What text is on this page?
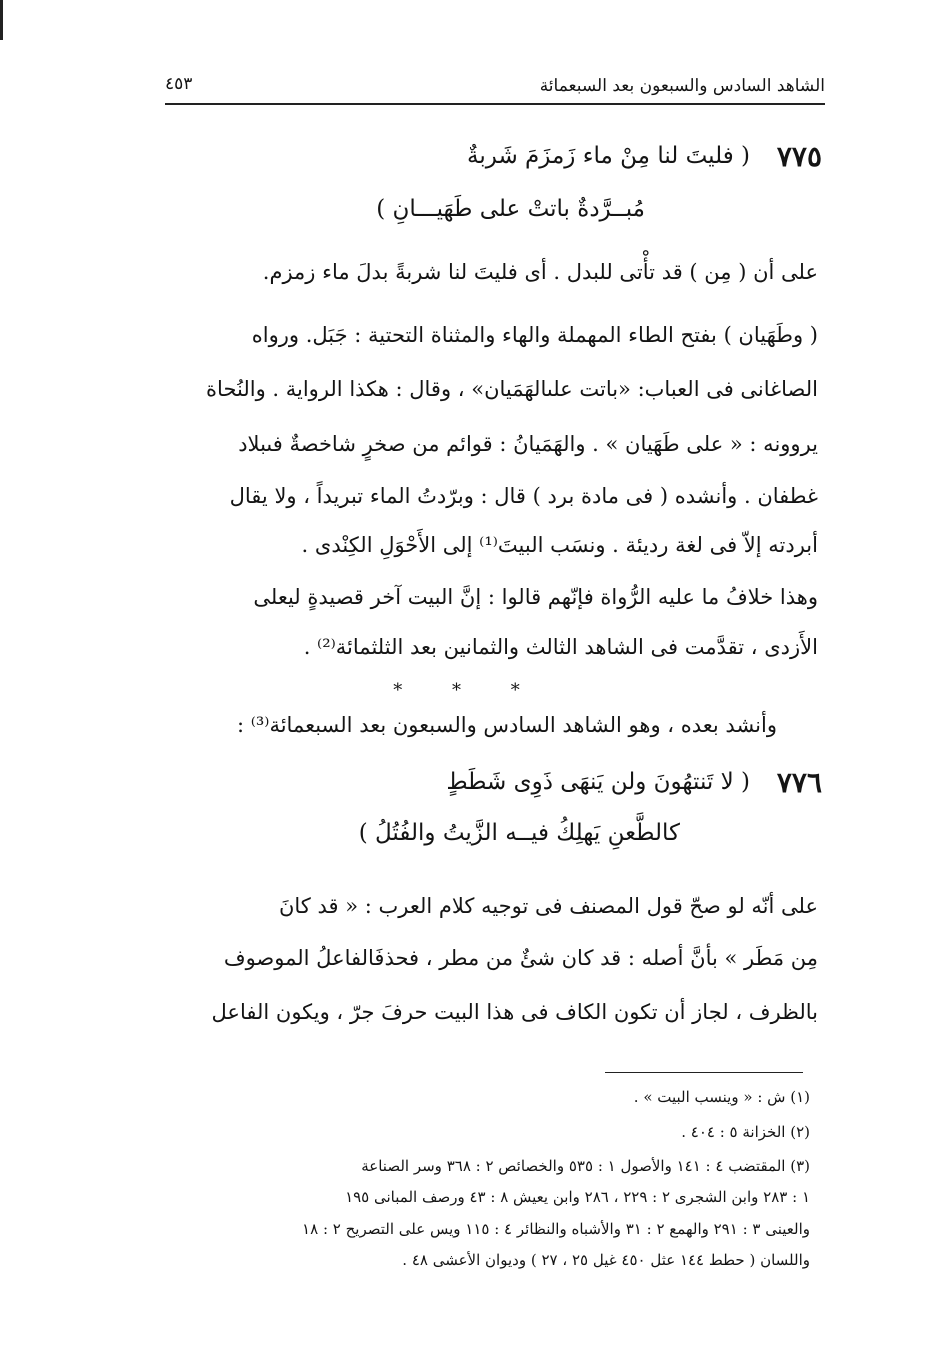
الشاهد السادس والسبعون بعد السبعمائة
٤٥٣
٧٧٥
( فليتَ لنا مِنْ ماء زَمزَمَ شَربةٌ
مُبــرَّدةٌ باتتْ على طَهَيـــانِ )
على أن ( مِن ) قد تأْتى للبدل . أى فليتَ لنا شربةً بدلَ ماء زمزم.
( وطَهَيان ) بفتح الطاء المهملة والهاء والمثناة التحتية : جَبَل. ورواه
الصاغانى فى العباب: «باتت علىالهَمَيان» ، وقال : هكذا الرواية . والنُحاة
يروونه : « على طَهَيان » . والهَمَيانُ : قوائم من صخرٍ شاخصةٌ فىبلاد
غطفان . وأنشده ( فى مادة برد ) قال : وبرّدتُ الماء تبريداً ، ولا يقال
أبردته إلاّ فى لغة رديئة . ونسَب البيتَ⁽¹⁾ إلى الأَحْوَلِ الكِنْدى .
وهذا خلافُ ما عليه الرُّواة فإنّهم قالوا : إنَّ البيت آخر قصيدةٍ ليعلى
الأَزدى ، تقدَّمت فى الشاهد الثالث والثمانين بعد الثلثمائة⁽²⁾ .
* * *
وأنشد بعده ، وهو الشاهد السادس والسبعون بعد السبعمائة⁽³⁾ :
٧٧٦
( لا تَنتهُونَ ولن يَنهَى ذَوِى شَطَطٍ
كالطَّعنِ يَهلِكُ فيــه الزَّيتُ والفُتُلُ )
على أنّه لو صحّ قول المصنف فى توجيه كلام العرب : « قد كانَ
مِن مَطَر » بأنَّ أصله : قد كان شئٌ من مطر ، فحذفَالفاعلُ الموصوف
بالظرف ، لجاز أن تكون الكاف فى هذا البيت حرفَ جرّ ، ويكون الفاعل
(١) ش : « وينسب البيت » .
(٢) الخزانة ٥ : ٤٠٤ .
(٣) المقتضب ٤ : ١٤١ والأصول ١ : ٥٣٥ والخصائص ٢ : ٣٦٨ وسر الصناعة
١ : ٢٨٣ وابن الشجرى ٢ : ٢٢٩ ، ٢٨٦ وابن يعيش ٨ : ٤٣ ورصف المبانى ١٩٥
والعينى ٣ : ٢٩١ والهمع ٢ : ٣١ والأشباه والنظائر ٤ : ١١٥ ويس على التصريح ٢ : ١٨
واللسان ( حطط ١٤٤ عثل ٤٥٠ غيل ٢٥ ، ٢٧ ) وديوان الأعشى ٤٨ .
